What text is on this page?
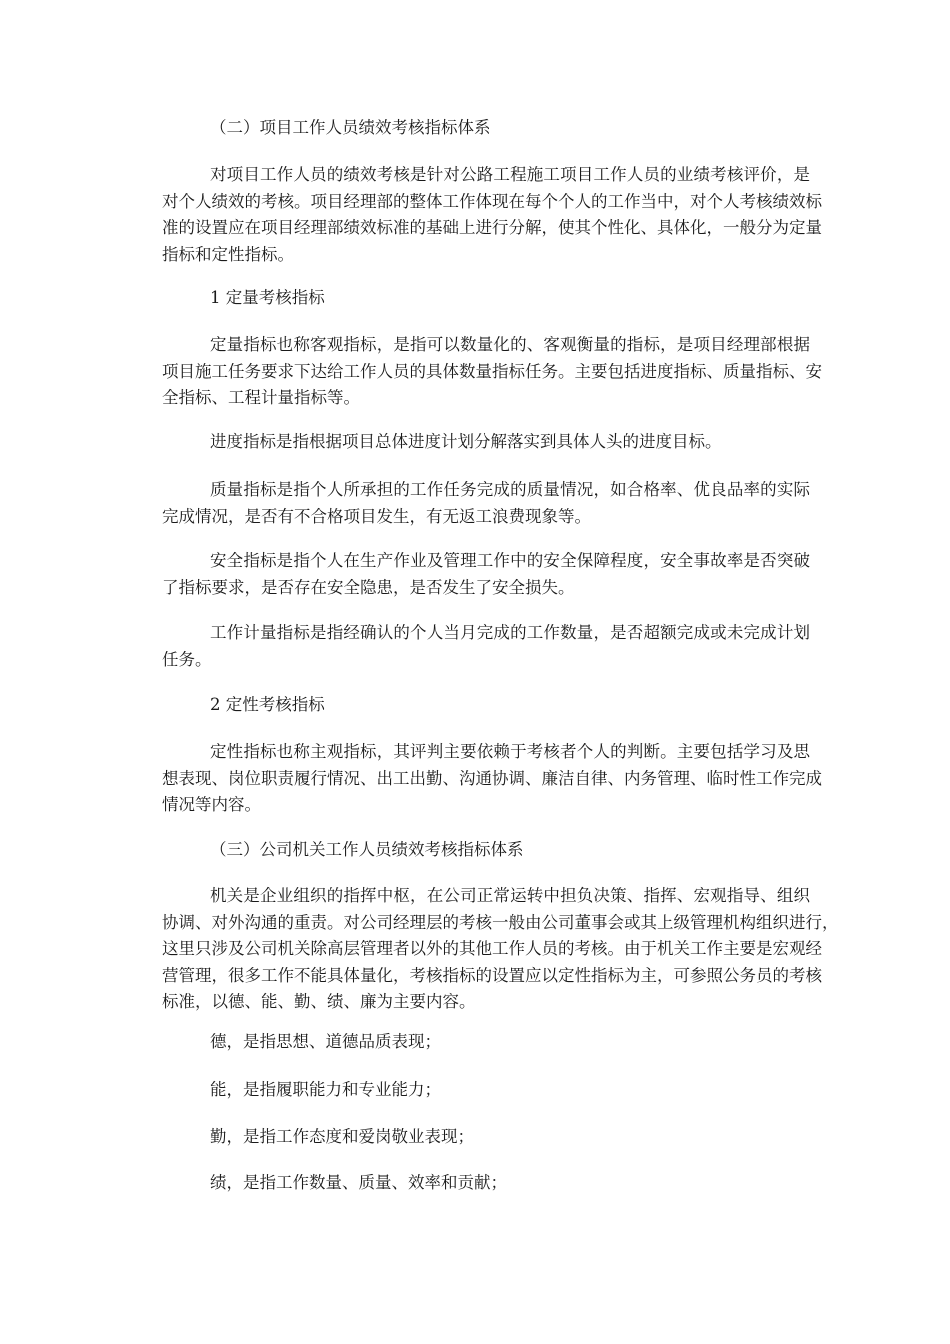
（二）项目工作人员绩效考核指标体系
对项目工作人员的绩效考核是针对公路工程施工项目工作人员的业绩考核评价，是
对个人绩效的考核。项目经理部的整体工作体现在每个个人的工作当中，对个人考核绩效标
准的设置应在项目经理部绩效标准的基础上进行分解，使其个性化、具体化，一般分为定量
指标和定性指标。
1 定量考核指标
定量指标也称客观指标，是指可以数量化的、客观衡量的指标，是项目经理部根据
项目施工任务要求下达给工作人员的具体数量指标任务。主要包括进度指标、质量指标、安
全指标、工程计量指标等。
进度指标是指根据项目总体进度计划分解落实到具体人头的进度目标。
质量指标是指个人所承担的工作任务完成的质量情况，如合格率、优良品率的实际
完成情况，是否有不合格项目发生，有无返工浪费现象等。
安全指标是指个人在生产作业及管理工作中的安全保障程度，安全事故率是否突破
了指标要求，是否存在安全隐患，是否发生了安全损失。
工作计量指标是指经确认的个人当月完成的工作数量，是否超额完成或未完成计划
任务。
2 定性考核指标
定性指标也称主观指标，其评判主要依赖于考核者个人的判断。主要包括学习及思
想表现、岗位职责履行情况、出工出勤、沟通协调、廉洁自律、内务管理、临时性工作完成
情况等内容。
（三）公司机关工作人员绩效考核指标体系
机关是企业组织的指挥中枢，在公司正常运转中担负决策、指挥、宏观指导、组织
协调、对外沟通的重责。对公司经理层的考核一般由公司董事会或其上级管理机构组织进行，
这里只涉及公司机关除高层管理者以外的其他工作人员的考核。由于机关工作主要是宏观经
营管理，很多工作不能具体量化，考核指标的设置应以定性指标为主，可参照公务员的考核
标准，以德、能、勤、绩、廉为主要内容。
德，是指思想、道德品质表现；
能，是指履职能力和专业能力；
勤，是指工作态度和爱岗敬业表现；
绩，是指工作数量、质量、效率和贡献；
